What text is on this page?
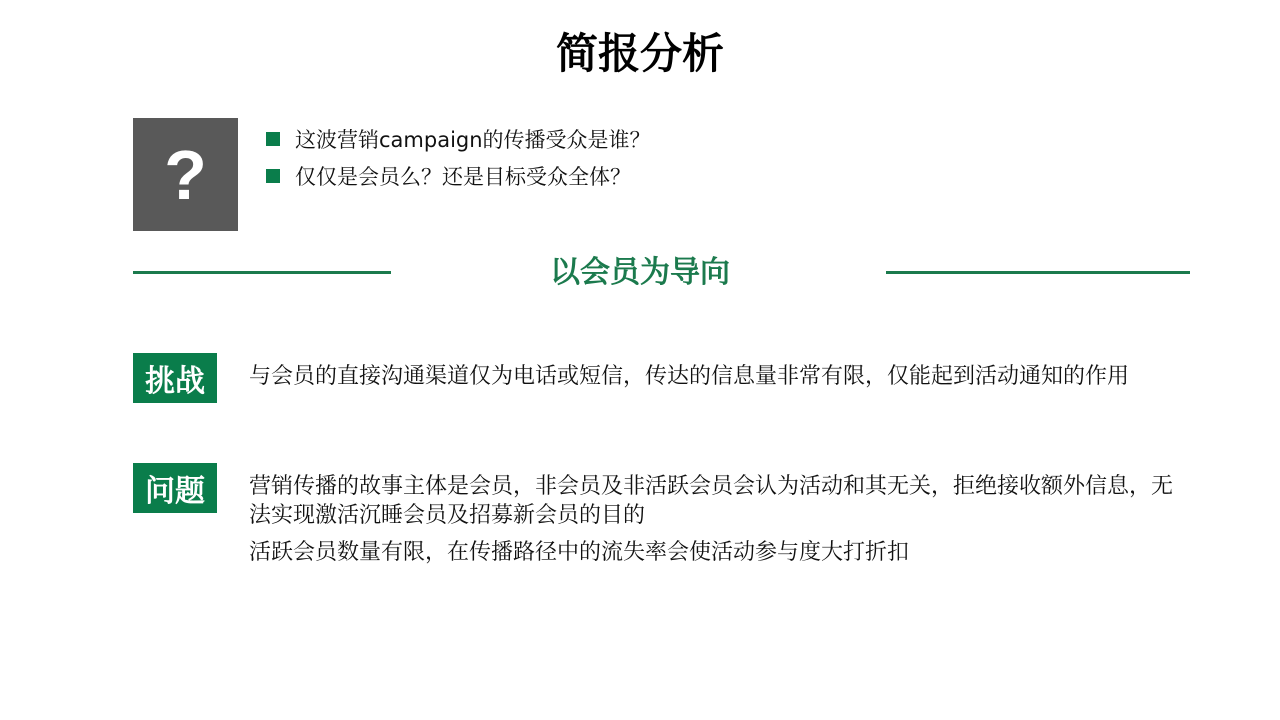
简报分析
?	这波营销campaign的传播受众是谁？
仅仅是会员么？还是目标受众全体？
以会员为导向
挑战	与会员的直接沟通渠道仅为电话或短信，传达的信息量非常有限，仅能起到活动通知的作用
问题	营销传播的故事主体是会员，非会员及非活跃会员会认为活动和其无关，拒绝接收额外信息，无法实现激活沉睡会员及招募新会员的目的
活跃会员数量有限，在传播路径中的流失率会使活动参与度大打折扣
